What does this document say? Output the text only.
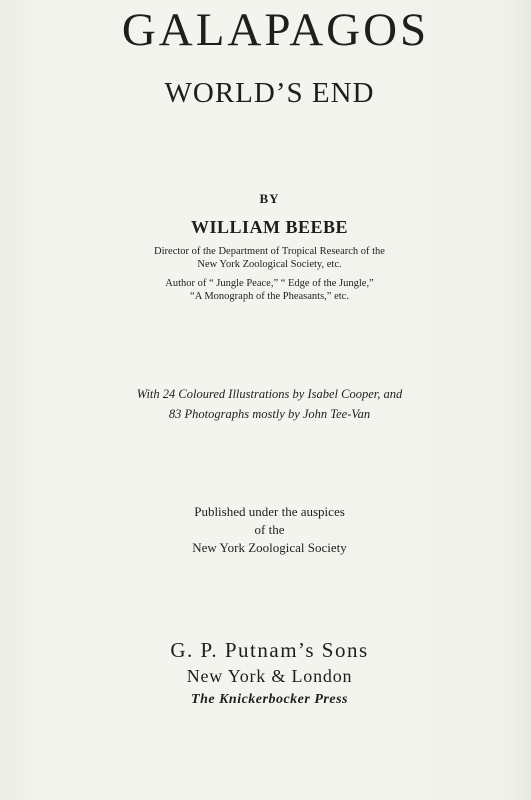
GALAPAGOS
WORLD’S END
BY
WILLIAM BEEBE
Director of the Department of Tropical Research of the
New York Zoological Society, etc.
Author of “ Jungle Peace,” “ Edge of the Jungle,”
“A Monograph of the Pheasants,” etc.
With 24 Coloured Illustrations by Isabel Cooper, and
83 Photographs mostly by John Tee-Van
Published under the auspices
of the
New York Zoological Society
G. P. Putnam’s Sons
New York & London
The Knickerbocker Press
